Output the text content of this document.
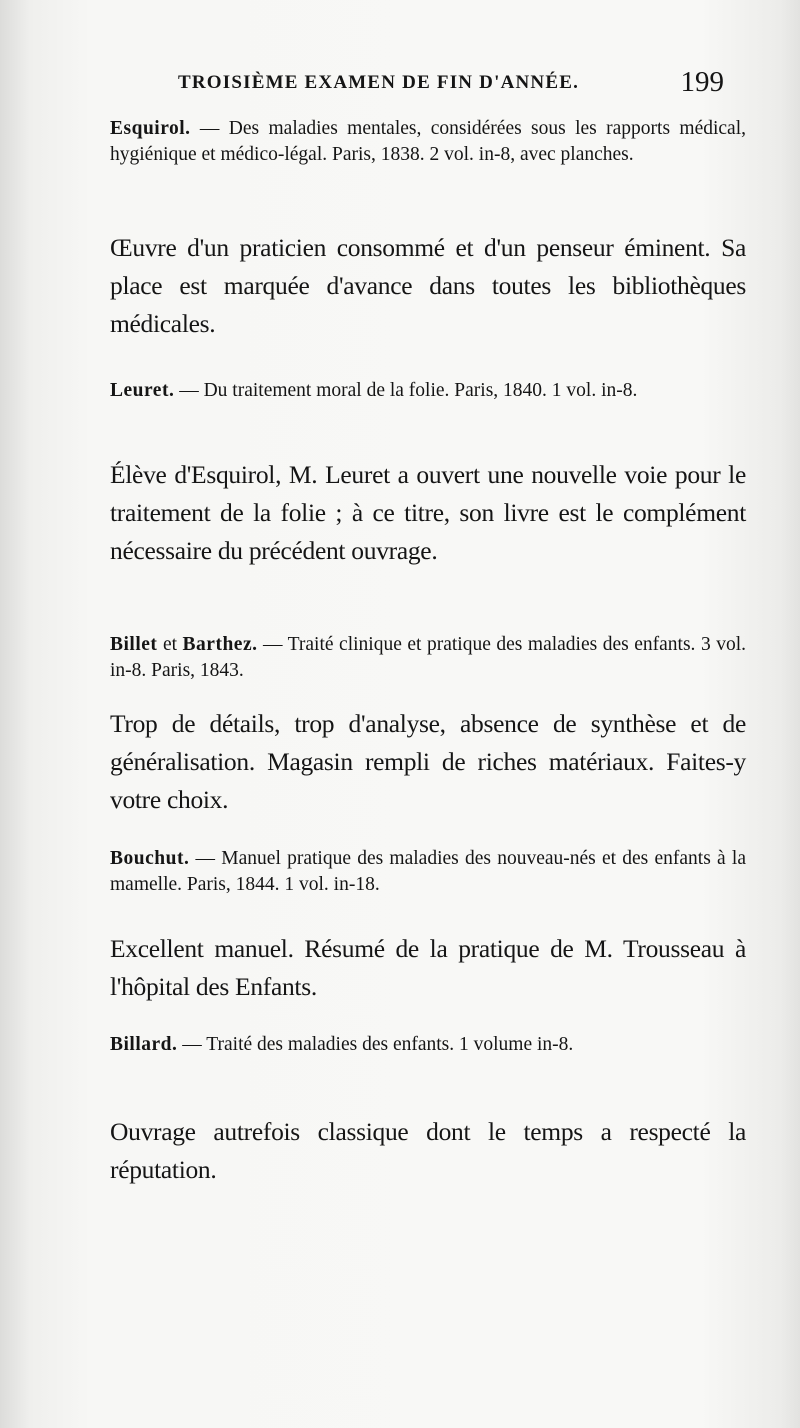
TROISIÈME EXAMEN DE FIN D'ANNÉE.	199
Esquirol. — Des maladies mentales, considérées sous les rapports médical, hygiénique et médico-légal. Paris, 1838. 2 vol. in-8, avec planches.
Œuvre d'un praticien consommé et d'un penseur éminent. Sa place est marquée d'avance dans toutes les bibliothèques médicales.
Leuret. — Du traitement moral de la folie. Paris, 1840. 1 vol. in-8.
Élève d'Esquirol, M. Leuret a ouvert une nouvelle voie pour le traitement de la folie ; à ce titre, son livre est le complément nécessaire du précédent ouvrage.
Billet et Barthez. — Traité clinique et pratique des maladies des enfants. 3 vol. in-8. Paris, 1843.
Trop de détails, trop d'analyse, absence de synthèse et de généralisation. Magasin rempli de riches matériaux. Faites-y votre choix.
Bouchut. — Manuel pratique des maladies des nouveau-nés et des enfants à la mamelle. Paris, 1844. 1 vol. in-18.
Excellent manuel. Résumé de la pratique de M. Trousseau à l'hôpital des Enfants.
Billard. — Traité des maladies des enfants. 1 volume in-8.
Ouvrage autrefois classique dont le temps a respecté la réputation.
